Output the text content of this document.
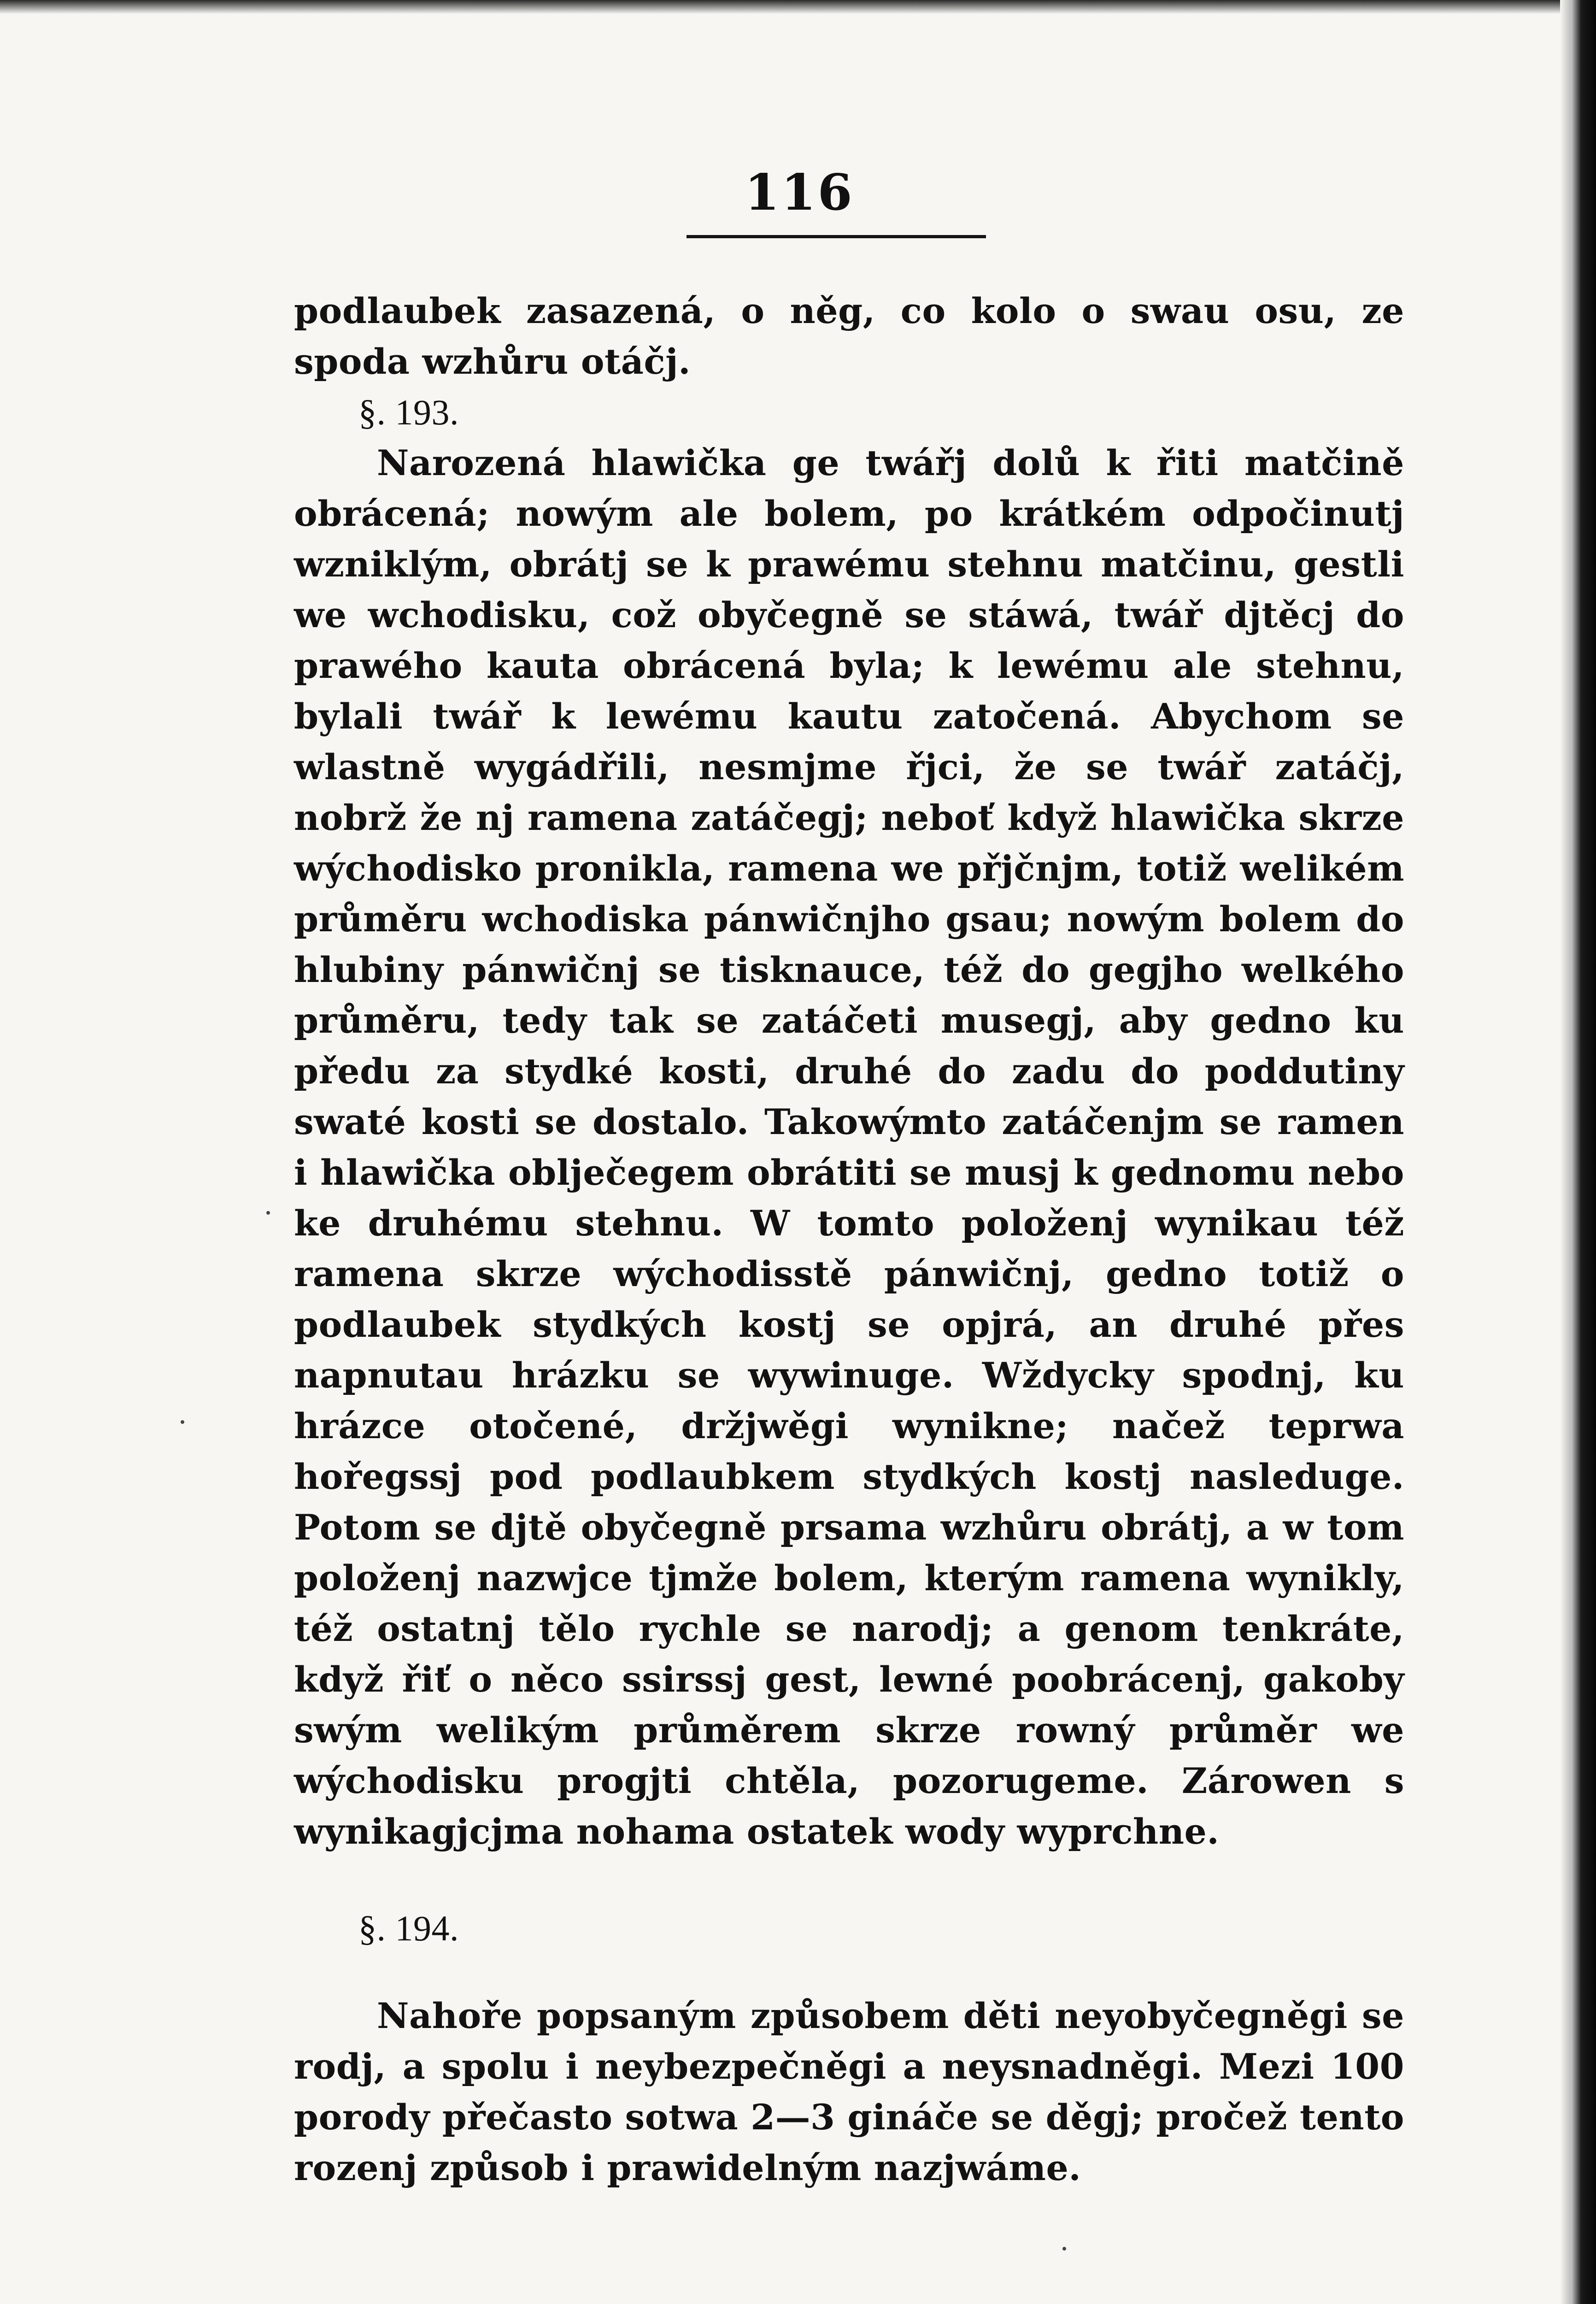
116

podlaubek zasazená, o něg, co kolo o swau osu, ze spoda wzhůru otáčj.

§. 193.

Narozená hlawička ge twářj dolů k řiti matčině obrácená; nowým ale bolem, po krátkém odpočinutj wzniklým, obrátj se k prawému stehnu matčinu, gestli we wchodisku, což obyčegně se stáwá, twář djtěcj do prawého kauta obrácená byla; k lewému ale stehnu, bylali twář k lewému kautu zatočená. Abychom se wlastně wygádřili, nesmjme řjci, že se twář zatáčj, nobrž že nj ramena zatáčegj; neboť když hlawička skrze wýchodisko pronikla, ramena we přjčnjm, totiž welikém průměru wchodiska pánwičnjho gsau; nowým bolem do hlubiny pánwičnj se tisknauce, též do gegjho welkého průměru, tedy tak se zatáčeti musegj, aby gedno ku předu za stydké kosti, druhé do zadu do poddutiny swaté kosti se dostalo. Takowýmto zatáčenjm se ramen i hlawička oblječegem obrátiti se musj k gednomu nebo ke druhému stehnu. W tomto položenj wynikau též ramena skrze wýchodisstě pánwičnj, gedno totiž o podlaubek stydkých kostj se opjrá, an druhé přes napnutau hrázku se wywinuge. Wždycky spodnj, ku hrázce otočené, držjwěgi wynikne; načež teprwa hořegssj pod podlaubkem stydkých kostj nasleduge. Potom se djtě obyčegně prsama wzhůru obrátj, a w tom položenj nazwjce tjmže bolem, kterým ramena wynikly, též ostatnj tělo rychle se narodj; a genom tenkráte, když řiť o něco ssirssj gest, lewné poobrácenj, gakoby swým welikým průměrem skrze rowný průměr we wýchodisku progjti chtěla, pozorugeme. Zárowen s wynikagjcjma nohama ostatek wody wyprchne.

§. 194.

Nahoře popsaným způsobem děti neyobyčegněgi se rodj, a spolu i neybezpečněgi a neysnadněgi. Mezi 100 porody přečasto sotwa 2—3 gináče se děgj; pročež tento rozenj způsob i prawidelným nazjwáme.
